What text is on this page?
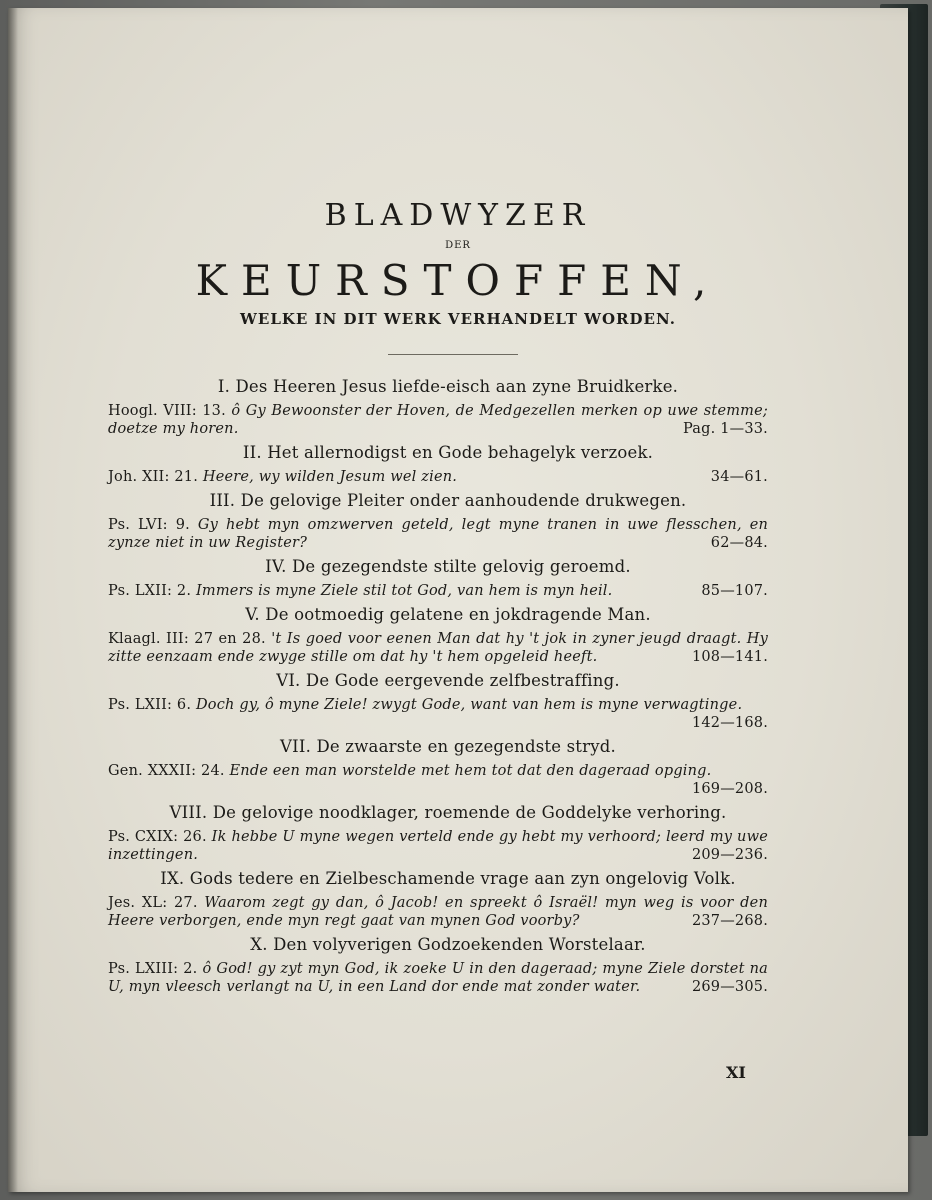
BLADWYZER
DER
KEURSTOFFEN,
WELKE IN DIT WERK VERHANDELT WORDEN.
I. Des Heeren Jesus liefde-eisch aan zyne Bruidkerke.
Hoogl. VIII: 13. ô Gy Bewoonster der Hoven, de Medgezellen merken op uwe stemme; doetze my horen.	Pag. 1—33.
II. Het allernodigst en Gode behagelyk verzoek.
Joh. XII: 21. Heere, wy wilden Jesum wel zien.	34—61.
III. De gelovige Pleiter onder aanhoudende drukwegen.
Ps. LVI: 9. Gy hebt myn omzwerven geteld, legt myne tranen in uwe flesschen, en zynze niet in uw Register?	62—84.
IV. De gezegendste stilte gelovig geroemd.
Ps. LXII: 2. Immers is myne Ziele stil tot God, van hem is myn heil.	85—107.
V. De ootmoedig gelatene en jokdragende Man.
Klaagl. III: 27 en 28. 't Is goed voor eenen Man dat hy 't jok in zyner jeugd draagt. Hy zitte eenzaam ende zwyge stille om dat hy 't hem opgeleid heeft.	108—141.
VI. De Gode eergevende zelfbestraffing.
Ps. LXII: 6. Doch gy, ô myne Ziele! zwygt Gode, want van hem is myne verwagtinge.
142—168.
VII. De zwaarste en gezegendste stryd.
Gen. XXXII: 24. Ende een man worstelde met hem tot dat den dageraad opging.
169—208.
VIII. De gelovige noodklager, roemende de Goddelyke verhoring.
Ps. CXIX: 26. Ik hebbe U myne wegen verteld ende gy hebt my verhoord; leerd my uwe inzettingen.	209—236.
IX. Gods tedere en Zielbeschamende vrage aan zyn ongelovig Volk.
Jes. XL: 27. Waarom zegt gy dan, ô Jacob! en spreekt ô Israël! myn weg is voor den Heere verborgen, ende myn regt gaat van mynen God voorby?	237—268.
X. Den volyverigen Godzoekenden Worstelaar.
Ps. LXIII: 2. ô God! gy zyt myn God, ik zoeke U in den dageraad; myne Ziele dorstet na U, myn vleesch verlangt na U, in een Land dor ende mat zonder water.	269—305.
XI
